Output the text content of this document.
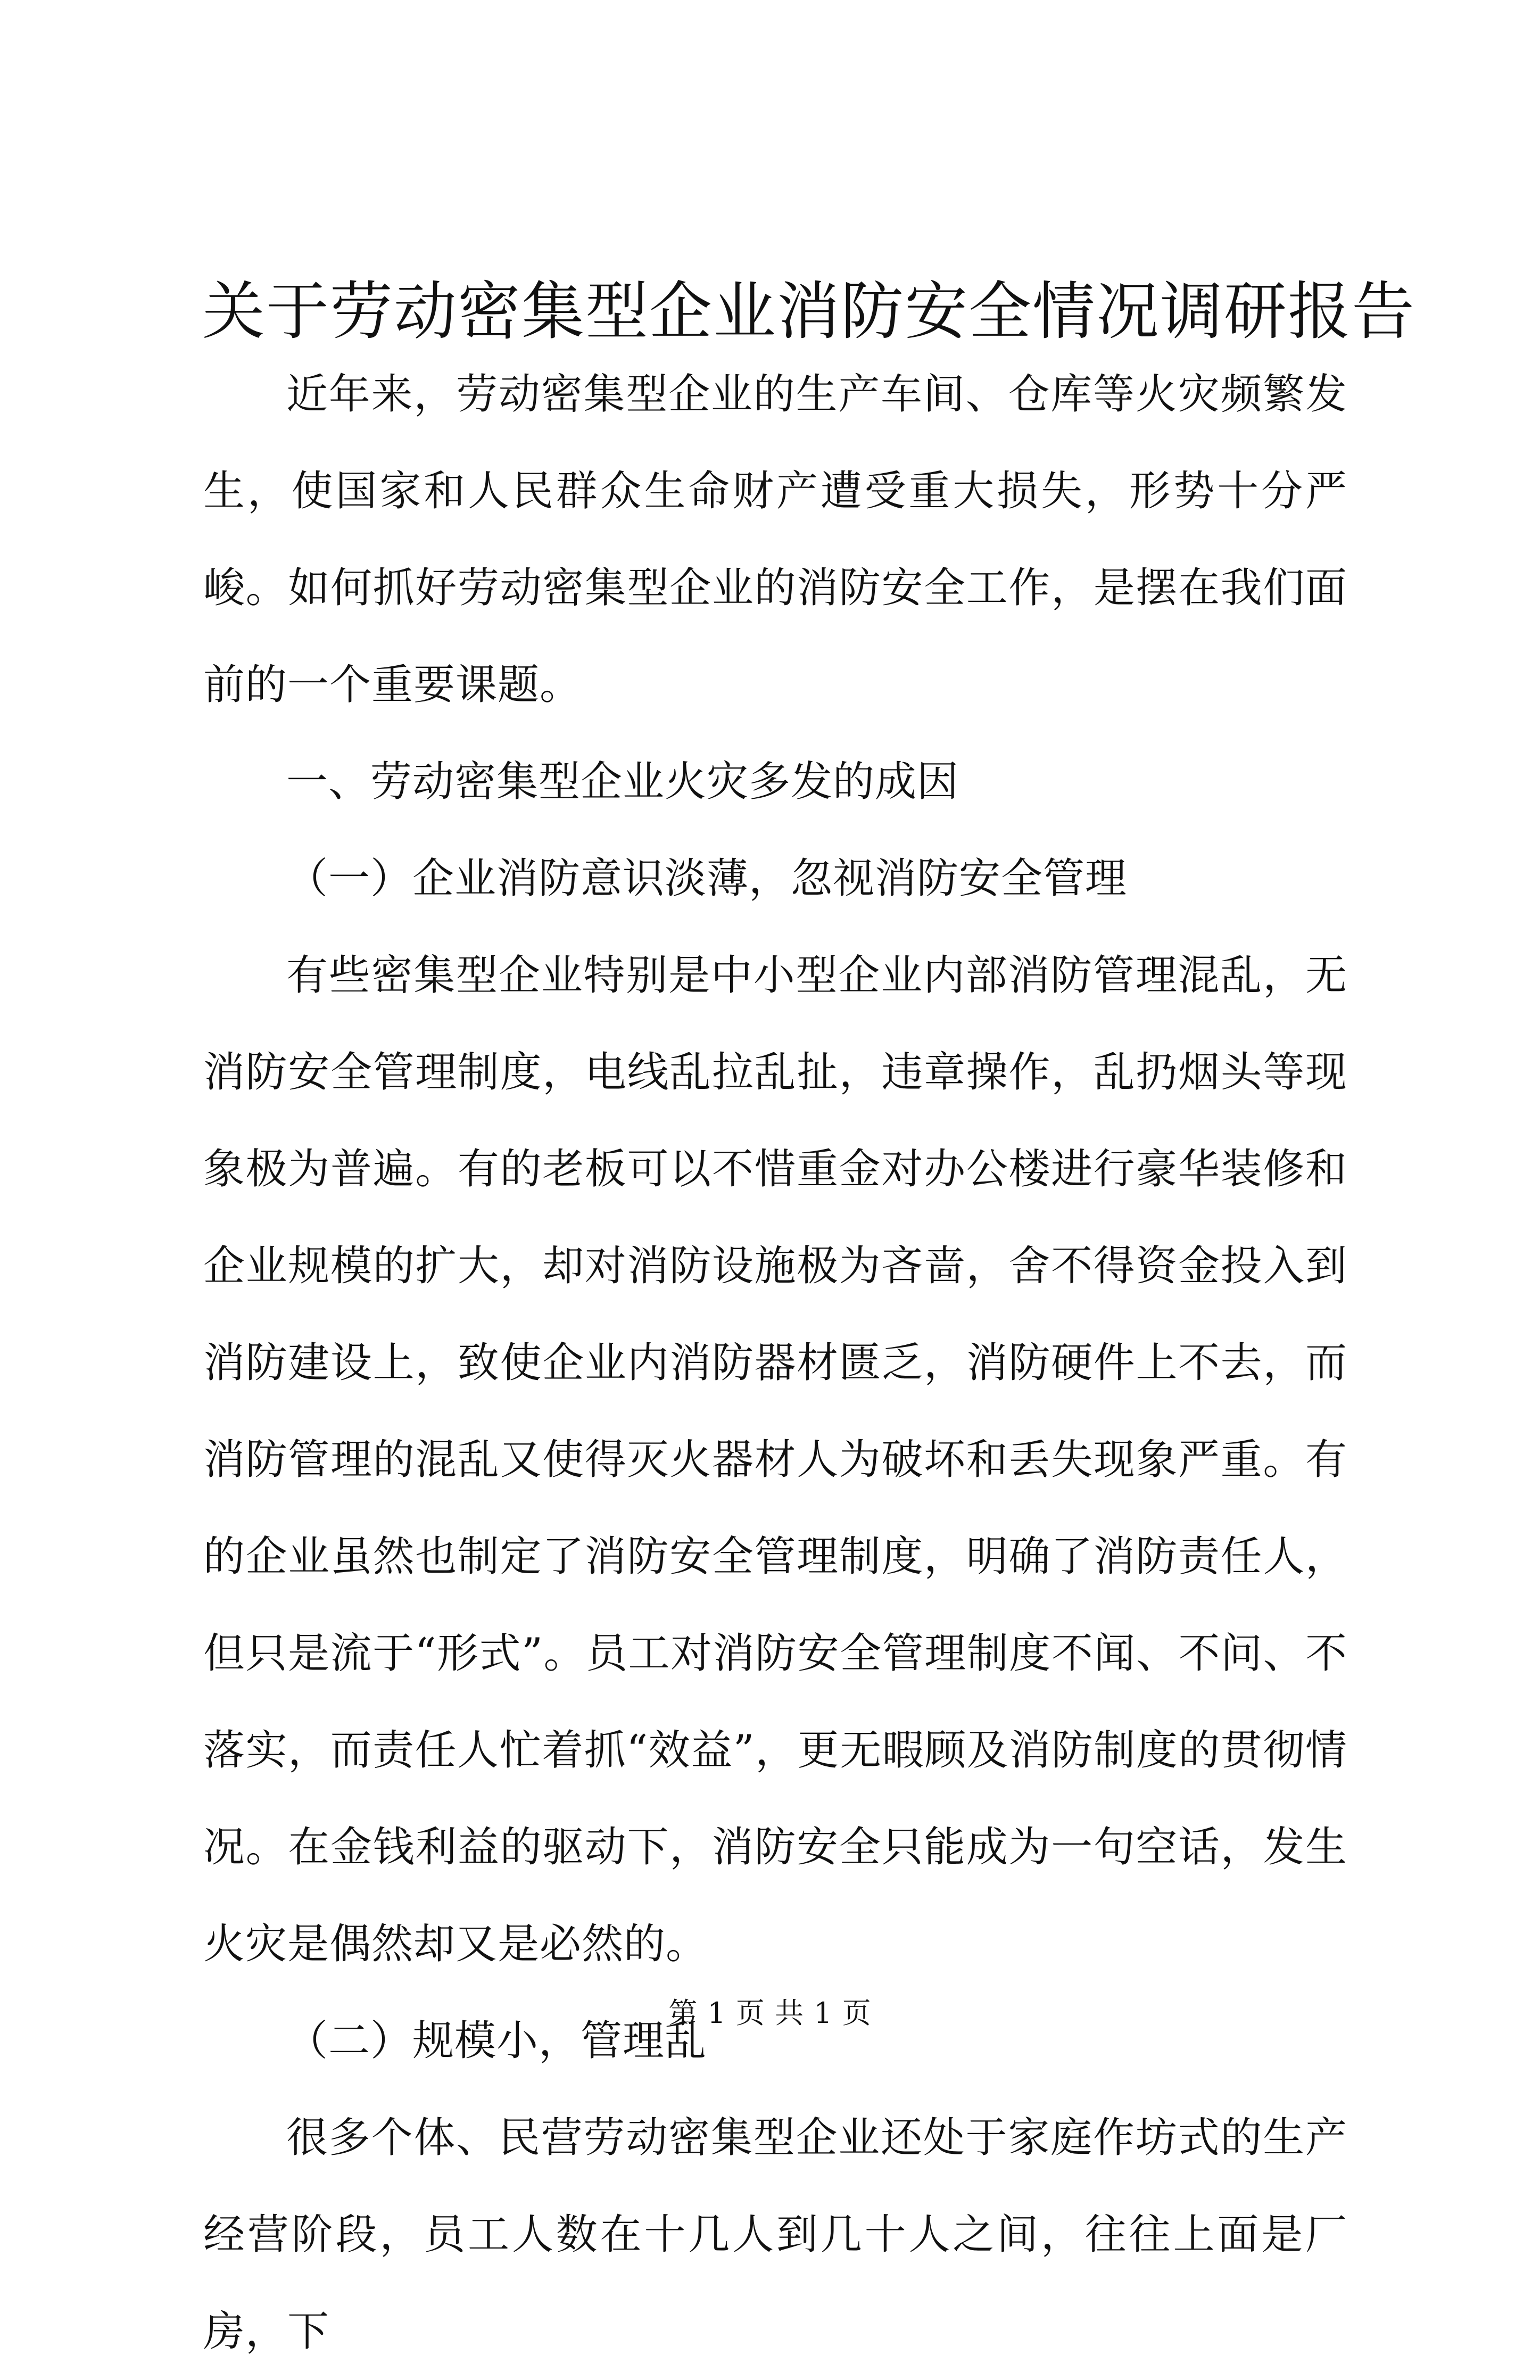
关于劳动密集型企业消防安全情况调研报告

近年来，劳动密集型企业的生产车间、仓库等火灾频繁发生，使国家和人民群众生命财产遭受重大损失，形势十分严峻。如何抓好劳动密集型企业的消防安全工作，是摆在我们面前的一个重要课题。

一、劳动密集型企业火灾多发的成因

（一）企业消防意识淡薄，忽视消防安全管理

有些密集型企业特别是中小型企业内部消防管理混乱，无消防安全管理制度，电线乱拉乱扯，违章操作，乱扔烟头等现象极为普遍。有的老板可以不惜重金对办公楼进行豪华装修和企业规模的扩大，却对消防设施极为吝啬，舍不得资金投入到消防建设上，致使企业内消防器材匮乏，消防硬件上不去，而消防管理的混乱又使得灭火器材人为破坏和丢失现象严重。有的企业虽然也制定了消防安全管理制度，明确了消防责任人，但只是流于“形式”。员工对消防安全管理制度不闻、不问、不落实，而责任人忙着抓“效益”，更无暇顾及消防制度的贯彻情况。在金钱利益的驱动下，消防安全只能成为一句空话，发生火灾是偶然却又是必然的。

（二）规模小，管理乱

很多个体、民营劳动密集型企业还处于家庭作坊式的生产经营阶段，员工人数在十几人到几十人之间，往往上面是厂房，下

第 1 页 共 1 页
